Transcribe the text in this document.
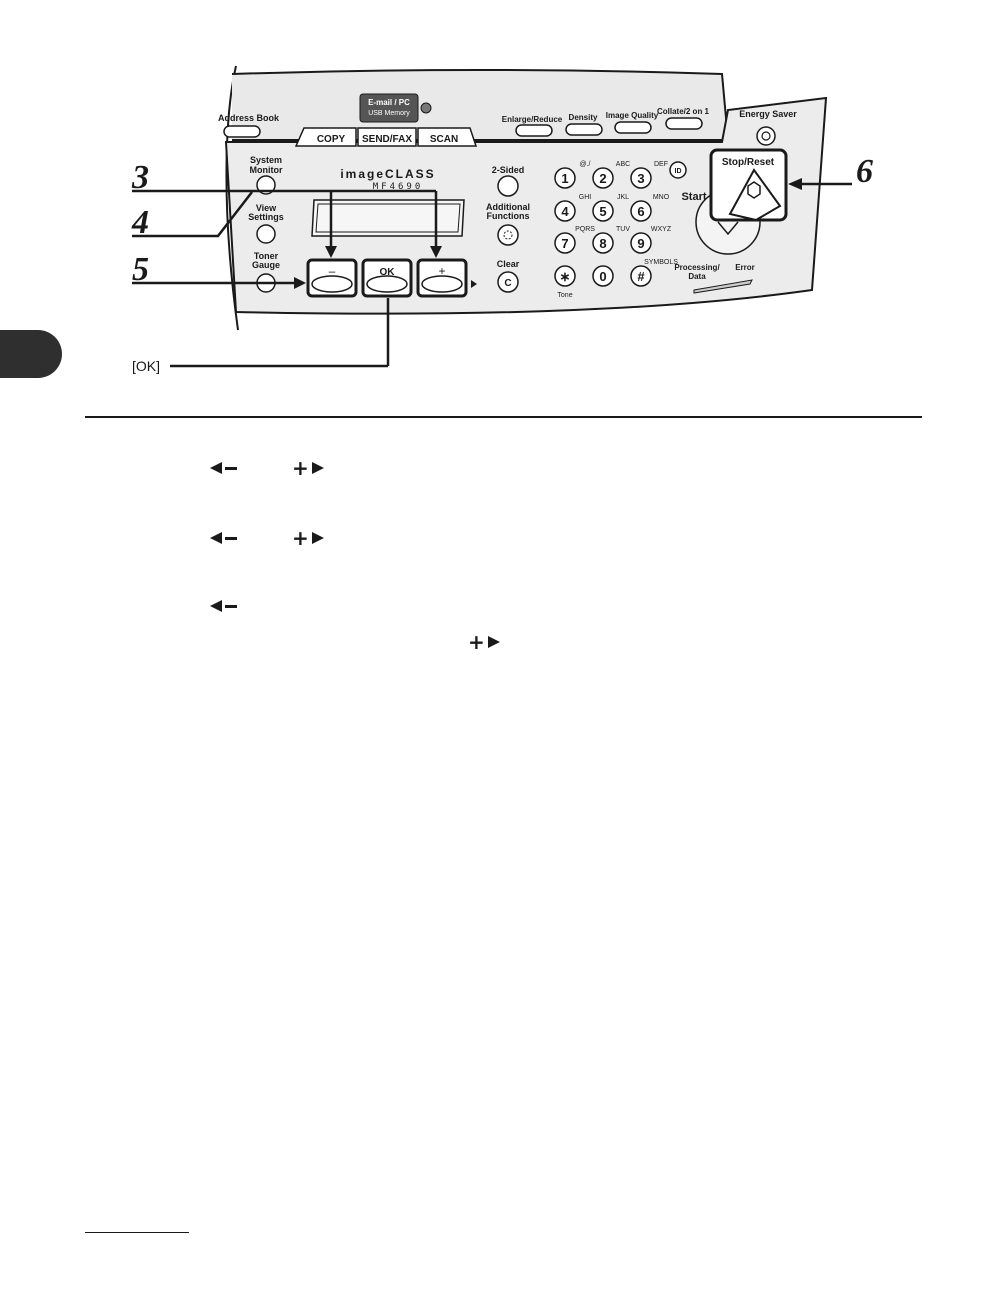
Address Book
E-mail / PC
USB Memory
COPY SEND/FAX SCAN
Enlarge/Reduce Density Image Quality
Collate/2 on 1	Energy Saver
System
Monitor
View
Settings
Toner
Gauge
imageCLASS
MF4690
–	OK	+
2-Sided
Additional
Functions
Clear
C
1
@./
2
ABC
3
DEF
4
GHI
5
JKL
6
MNO
7
PQRS
8
TUV
9
WXYZ
∗
Tone
0 #
SYMBOLS
ID
Start
Stop/Reset
Processing/
Data
Error
3
4
5
6
[OK]
+
+
+
